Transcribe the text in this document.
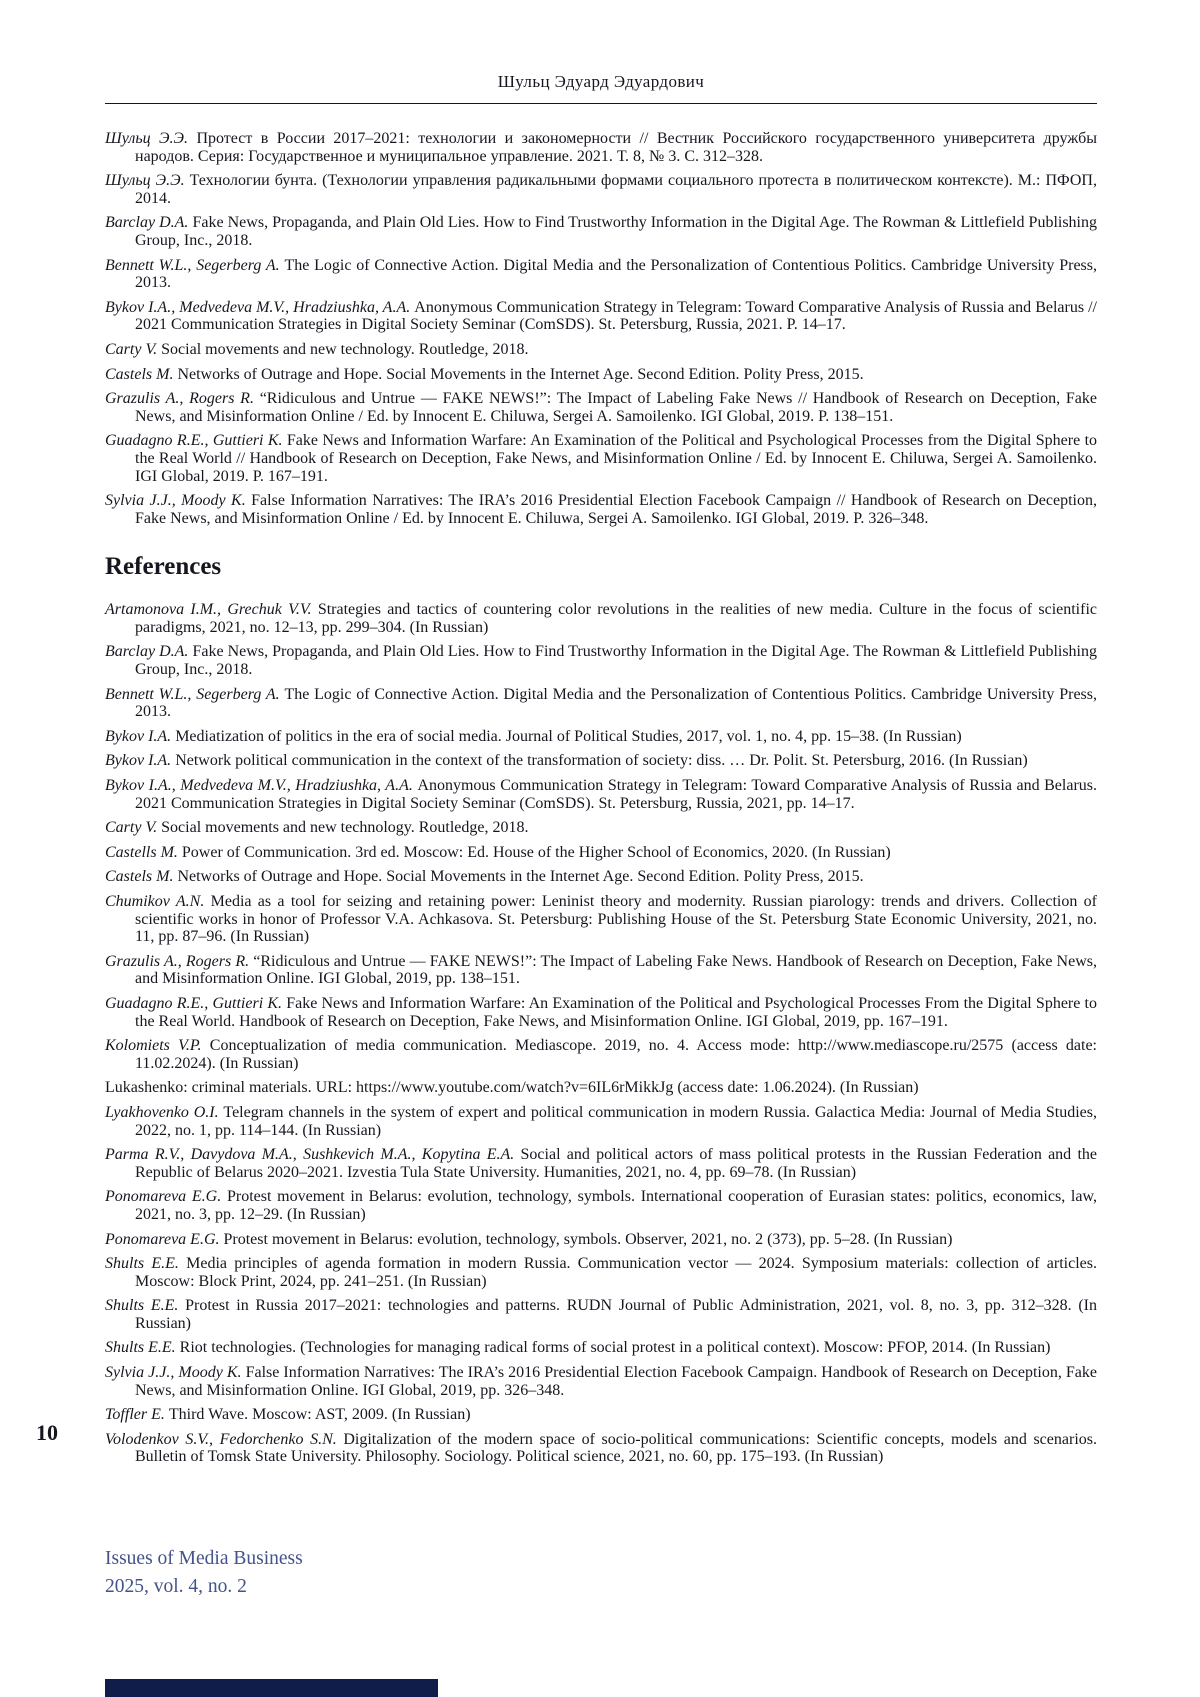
10
Шульц Эдуард Эдуардович

Шульц Э.Э. Протест в России 2017–2021: технологии и закономерности // Вестник Российского государственного университета дружбы народов. Серия: Государственное и муниципальное управление. 2021. Т. 8, № 3. С. 312–328.

Шульц Э.Э. Технологии бунта. (Технологии управления радикальными формами социального протеста в политическом контексте). М.: ПФОП, 2014.

Barclay D.A. Fake News, Propaganda, and Plain Old Lies. How to Find Trustworthy Information in the Digital Age. The Rowman & Littlefield Publishing Group, Inc., 2018.

Bennett W.L., Segerberg A. The Logic of Connective Action. Digital Media and the Personalization of Contentious Politics. Cambridge University Press, 2013.

Bykov I.A., Medvedeva M.V., Hradziushka, A.A. Anonymous Communication Strategy in Telegram: Toward Comparative Analysis of Russia and Belarus // 2021 Communication Strategies in Digital Society Seminar (ComSDS). St. Petersburg, Russia, 2021. P. 14–17.

Carty V. Social movements and new technology. Routledge, 2018.

Castels M. Networks of Outrage and Hope. Social Movements in the Internet Age. Second Edition. Polity Press, 2015.

Grazulis A., Rogers R. “Ridiculous and Untrue — FAKE NEWS!”: The Impact of Labeling Fake News // Handbook of Research on Deception, Fake News, and Misinformation Online / Ed. by Innocent E. Chiluwa, Sergei A. Samoilenko. IGI Global, 2019. P. 138–151.

Guadagno R.E., Guttieri K. Fake News and Information Warfare: An Examination of the Political and Psychological Processes from the Digital Sphere to the Real World // Handbook of Research on Deception, Fake News, and Misinformation Online / Ed. by Innocent E. Chiluwa, Sergei A. Samoilenko. IGI Global, 2019. P. 167–191.

Sylvia J.J., Moody K. False Information Narratives: The IRA’s 2016 Presidential Election Facebook Campaign // Handbook of Research on Deception, Fake News, and Misinformation Online / Ed. by Innocent E. Chiluwa, Sergei A. Samoilenko. IGI Global, 2019. P. 326–348.

References

Artamonova I.M., Grechuk V.V. Strategies and tactics of countering color revolutions in the realities of new media. Culture in the focus of scientific paradigms, 2021, no. 12–13, pp. 299–304. (In Russian)

Barclay D.A. Fake News, Propaganda, and Plain Old Lies. How to Find Trustworthy Information in the Digital Age. The Rowman & Littlefield Publishing Group, Inc., 2018.

Bennett W.L., Segerberg A. The Logic of Connective Action. Digital Media and the Personalization of Contentious Politics. Cambridge University Press, 2013.

Bykov I.A. Mediatization of politics in the era of social media. Journal of Political Studies, 2017, vol. 1, no. 4, pp. 15–38. (In Russian)

Bykov I.A. Network political communication in the context of the transformation of society: diss. … Dr. Polit. St. Petersburg, 2016. (In Russian)

Bykov I.A., Medvedeva M.V., Hradziushka, A.A. Anonymous Communication Strategy in Telegram: Toward Comparative Analysis of Russia and Belarus. 2021 Communication Strategies in Digital Society Seminar (ComSDS). St. Petersburg, Russia, 2021, pp. 14–17.

Carty V. Social movements and new technology. Routledge, 2018.

Castells M. Power of Communication. 3rd ed. Moscow: Ed. House of the Higher School of Economics, 2020. (In Russian)

Castels M. Networks of Outrage and Hope. Social Movements in the Internet Age. Second Edition. Polity Press, 2015.

Chumikov A.N. Media as a tool for seizing and retaining power: Leninist theory and modernity. Russian piarology: trends and drivers. Collection of scientific works in honor of Professor V.A. Achkasova. St. Petersburg: Publishing House of the St. Petersburg State Economic University, 2021, no. 11, pp. 87–96. (In Russian)

Grazulis A., Rogers R. “Ridiculous and Untrue — FAKE NEWS!”: The Impact of Labeling Fake News. Handbook of Research on Deception, Fake News, and Misinformation Online. IGI Global, 2019, pp. 138–151.

Guadagno R.E., Guttieri K. Fake News and Information Warfare: An Examination of the Political and Psychological Processes From the Digital Sphere to the Real World. Handbook of Research on Deception, Fake News, and Misinformation Online. IGI Global, 2019, pp. 167–191.

Kolomiets V.P. Conceptualization of media communication. Mediascope. 2019, no. 4. Access mode: http://www.mediascope.ru/2575 (access date: 11.02.2024). (In Russian)

Lukashenko: criminal materials. URL: https://www.youtube.com/watch?v=6IL6rMikkJg (access date: 1.06.2024). (In Russian)

Lyakhovenko O.I. Telegram channels in the system of expert and political communication in modern Russia. Galactica Media: Journal of Media Studies, 2022, no. 1, pp. 114–144. (In Russian)

Parma R.V., Davydova M.A., Sushkevich M.A., Kopytina E.A. Social and political actors of mass political protests in the Russian Federation and the Republic of Belarus 2020–2021. Izvestia Tula State University. Humanities, 2021, no. 4, pp. 69–78. (In Russian)

Ponomareva E.G. Protest movement in Belarus: evolution, technology, symbols. International cooperation of Eurasian states: politics, economics, law, 2021, no. 3, pp. 12–29. (In Russian)

Ponomareva E.G. Protest movement in Belarus: evolution, technology, symbols. Observer, 2021, no. 2 (373), pp. 5–28. (In Russian)

Shults E.E. Media principles of agenda formation in modern Russia. Communication vector — 2024. Symposium materials: collection of articles. Moscow: Block Print, 2024, pp. 241–251. (In Russian)

Shults E.E. Protest in Russia 2017–2021: technologies and patterns. RUDN Journal of Public Administration, 2021, vol. 8, no. 3, pp. 312–328. (In Russian)

Shults E.E. Riot technologies. (Technologies for managing radical forms of social protest in a political context). Moscow: PFOP, 2014. (In Russian)

Sylvia J.J., Moody K. False Information Narratives: The IRA’s 2016 Presidential Election Facebook Campaign. Handbook of Research on Deception, Fake News, and Misinformation Online. IGI Global, 2019, pp. 326–348.

Toffler E. Third Wave. Moscow: AST, 2009. (In Russian)

Volodenkov S.V., Fedorchenko S.N. Digitalization of the modern space of socio-political communications: Scientific concepts, models and scenarios. Bulletin of Tomsk State University. Philosophy. Sociology. Political science, 2021, no. 60, pp. 175–193. (In Russian)

Issues of Media Business
2025, vol. 4, no. 2
